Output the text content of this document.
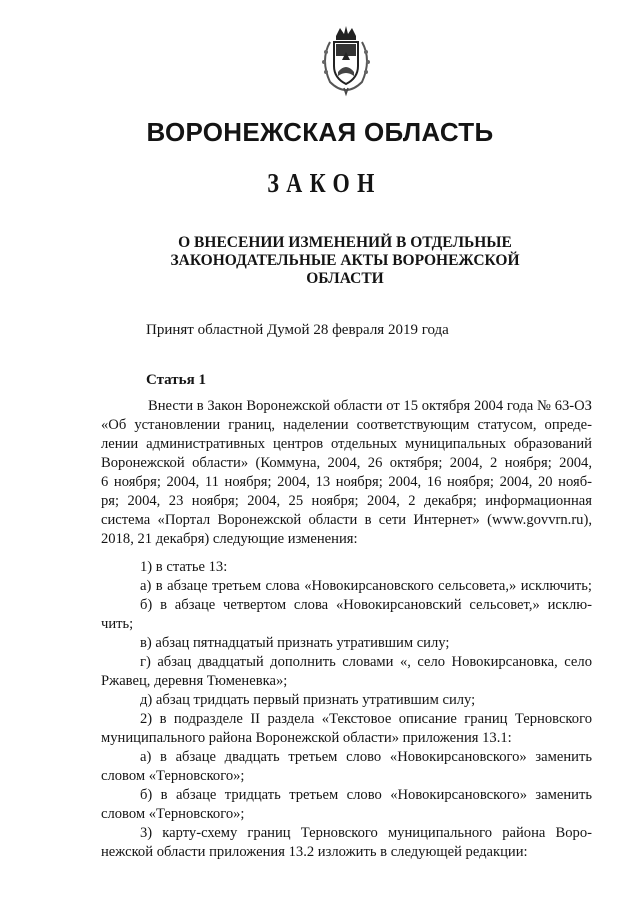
ВОРОНЕЖСКАЯ ОБЛАСТЬ
ЗАКОН
О ВНЕСЕНИИ ИЗМЕНЕНИЙ В ОТДЕЛЬНЫЕ
ЗАКОНОДАТЕЛЬНЫЕ АКТЫ ВОРОНЕЖСКОЙ
ОБЛАСТИ
Принят областной Думой 28 февраля 2019 года
Статья 1
Внести в Закон Воронежской области от 15 октября 2004 года № 63-ОЗ
«Об установлении границ, наделении соответствующим статусом, опреде-
лении административных центров отдельных муниципальных образований
Воронежской области» (Коммуна, 2004, 26 октября; 2004, 2 ноября; 2004,
6 ноября; 2004, 11 ноября; 2004, 13 ноября; 2004, 16 ноября; 2004, 20 нояб-
ря; 2004, 23 ноября; 2004, 25 ноября; 2004, 2 декабря; информационная
система «Портал Воронежской области в сети Интернет» (www.govvrn.ru),
2018, 21 декабря) следующие изменения:
1) в статье 13:
а) в абзаце третьем слова «Новокирсановского сельсовета,» исключить;
б) в абзаце четвертом слова «Новокирсановский сельсовет,» исклю-
чить;
в) абзац пятнадцатый признать утратившим силу;
г) абзац двадцатый дополнить словами «, село Новокирсановка, село
Ржавец, деревня Тюменевка»;
д) абзац тридцать первый признать утратившим силу;
2) в подразделе II раздела «Текстовое описание границ Терновского
муниципального района Воронежской области» приложения 13.1:
а) в абзаце двадцать третьем слово «Новокирсановского» заменить
словом «Терновского»;
б) в абзаце тридцать третьем слово «Новокирсановского» заменить
словом «Терновского»;
3) карту-схему границ Терновского муниципального района Воро-
нежской области приложения 13.2 изложить в следующей редакции:
